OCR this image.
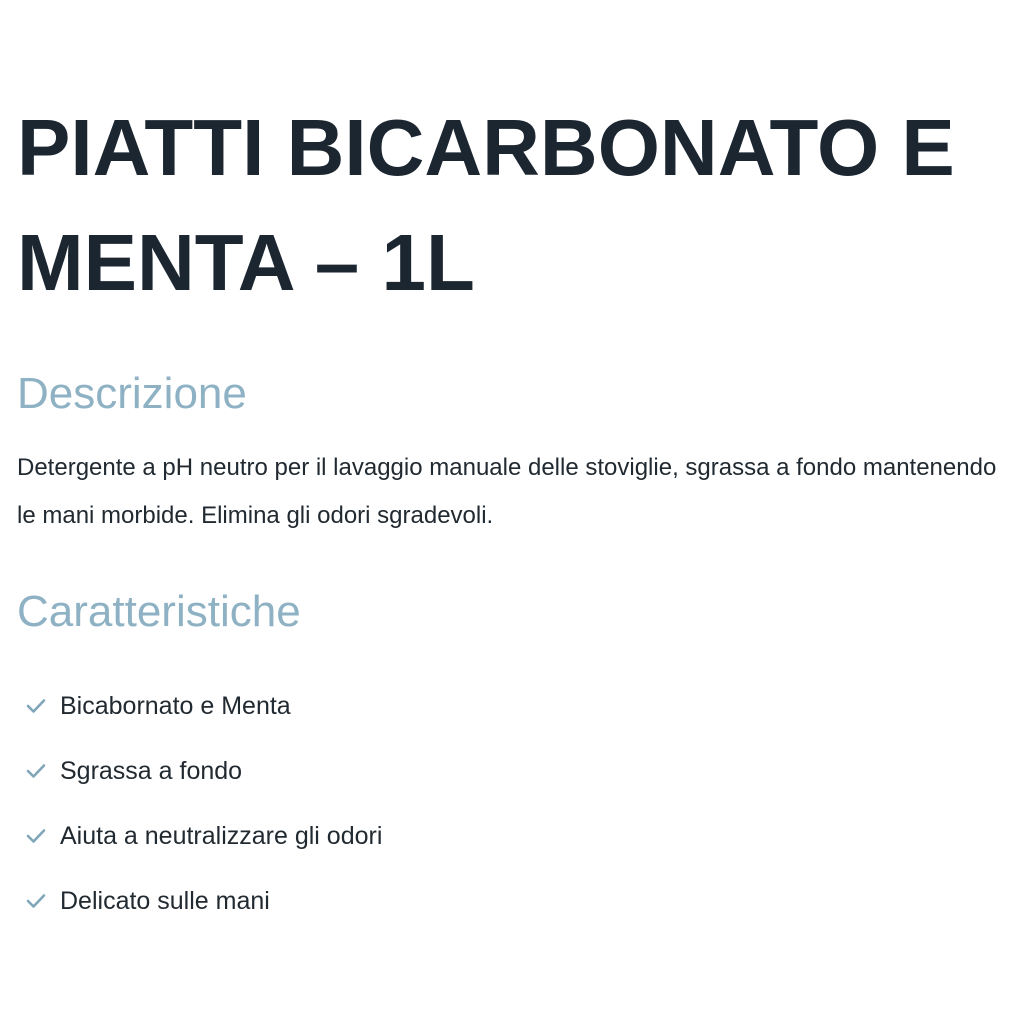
PIATTI BICARBONATO E
MENTA – 1L
Descrizione

Detergente a pH neutro per il lavaggio manuale delle stoviglie, sgrassa a fondo mantenendo le mani morbide. Elimina gli odori sgradevoli.

Caratteristiche
Bicabornato e Menta
Sgrassa a fondo
Aiuta a neutralizzare gli odori
Delicato sulle mani
